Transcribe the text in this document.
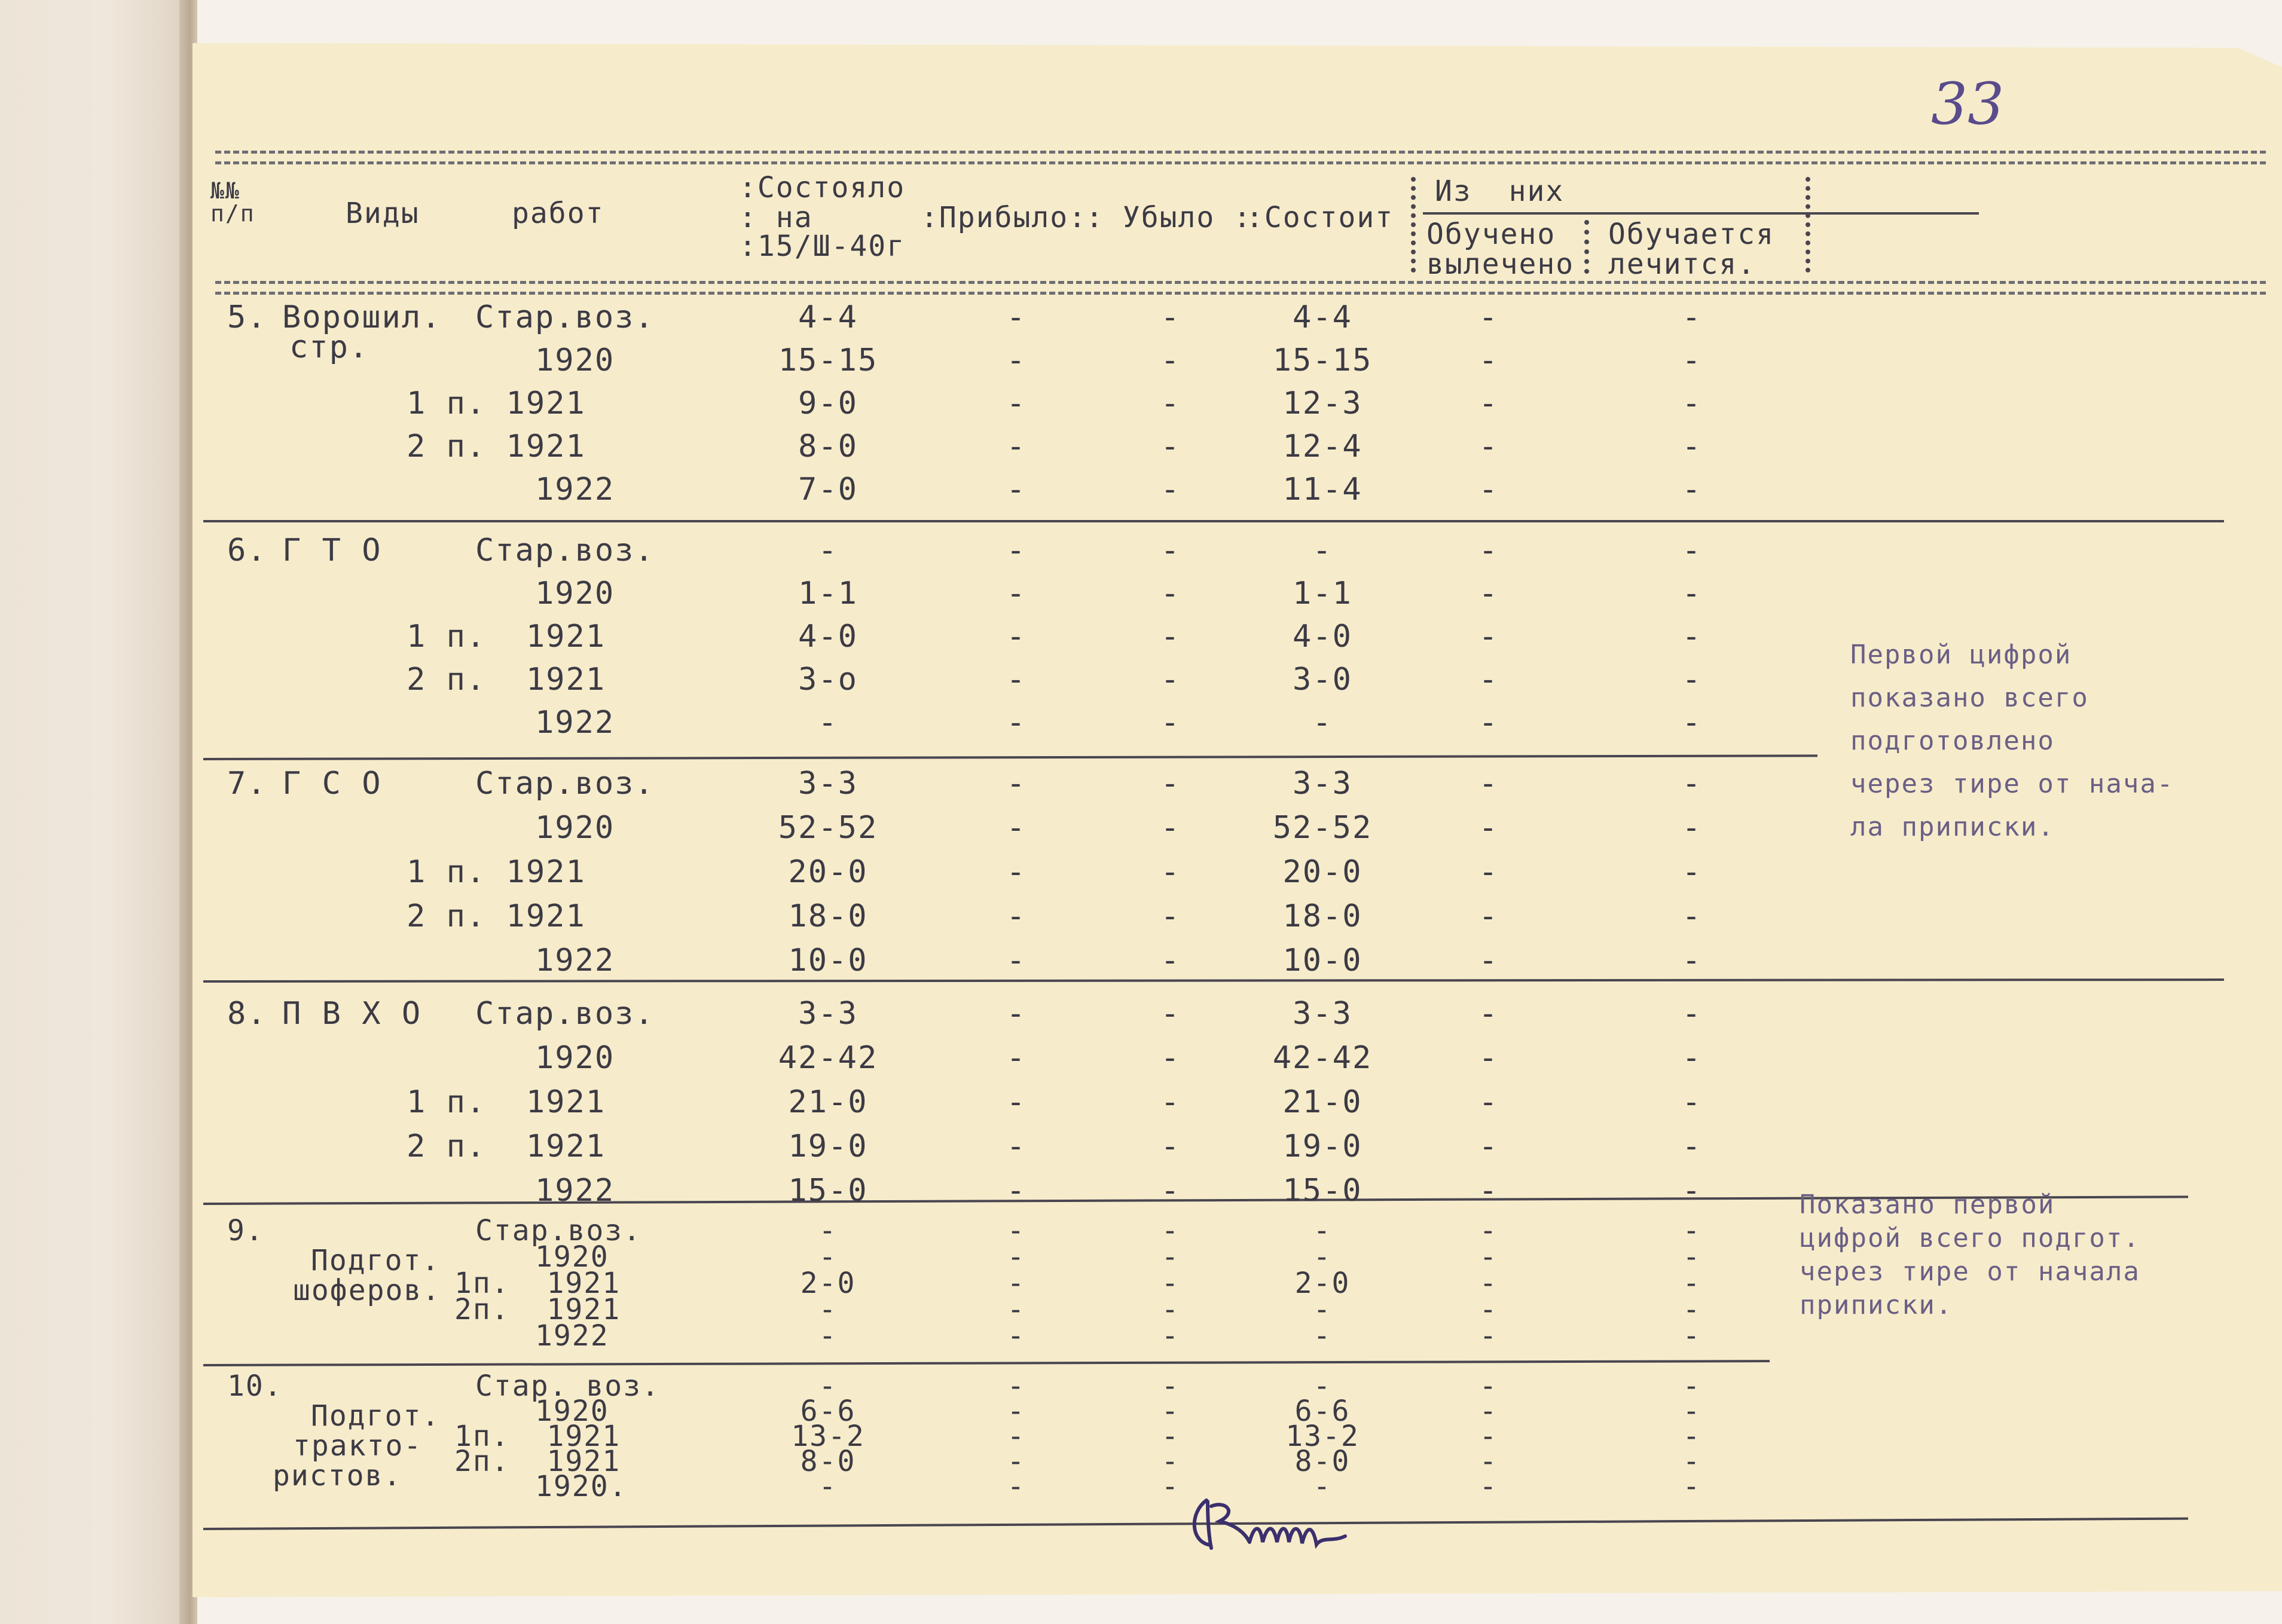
33
№№
п/п	Виды	работ
:Состояло
: на
:15/Ш-40г
:Прибыло:
: Убыло :
:Состоит
Из  них
Обучено
вылечено
Обучается
лечится.
5. Ворошил.
стр.
Стар.воз.	4-4	-	-	4-4	-	-
1920	15-15	-	-	15-15	-	-
1 п. 1921	9-0	-	-	12-3	-	-
2 п. 1921	8-0	-	-	12-4	-	-
1922	7-0	-	-	11-4	-	-
6. Г Т О	Стар.воз.	-	-	-	-	-	-
1920	1-1	-	-	1-1	-	-
1 п.  1921	4-0	-	-	4-0	-	-
2 п.  1921	3-о	-	-	3-0	-	-
1922	-	-	-	-	-	-
7. Г С О	Стар.воз.	3-3	-	-	3-3	-	-
1920	52-52	-	-	52-52	-	-
1 п. 1921	20-0	-	-	20-0	-	-
2 п. 1921	18-0	-	-	18-0	-	-
1922	10-0	-	-	10-0	-	-
8. П В Х О Стар.воз.	3-3	-	-	3-3	-	-
1920	42-42	-	-	42-42	-	-
1 п.  1921	21-0	-	-	21-0	-	-
2 п.  1921	19-0	-	-	19-0	-	-
1922	15-0	-	-	15-0	-	-
9.
Подгот.
шоферов.
Стар.воз.	-	-	-	-	-	-
1920	-	-	-	-	-	-
1п.  1921	2-0	-	-	2-0	-	-
2п.  1921	-	-	-	-	-	-
1922	-	-	-	-	-	-
10.
Подгот.
тракто-
ристов.
Стар. воз.	-	-	-	-	-	-
1920	6-6	-	-	6-6	-	-
1п.  1921	13-2	-	-	13-2	-	-
2п.  1921	8-0	-	-	8-0	-	-
1920.	-	-	-	-	-	-
Первой цифрой
показано всего
подготовлено
через тире от нача-
ла приписки.
Показано первой
цифрой всего подгот.
через тире от начала
приписки.
